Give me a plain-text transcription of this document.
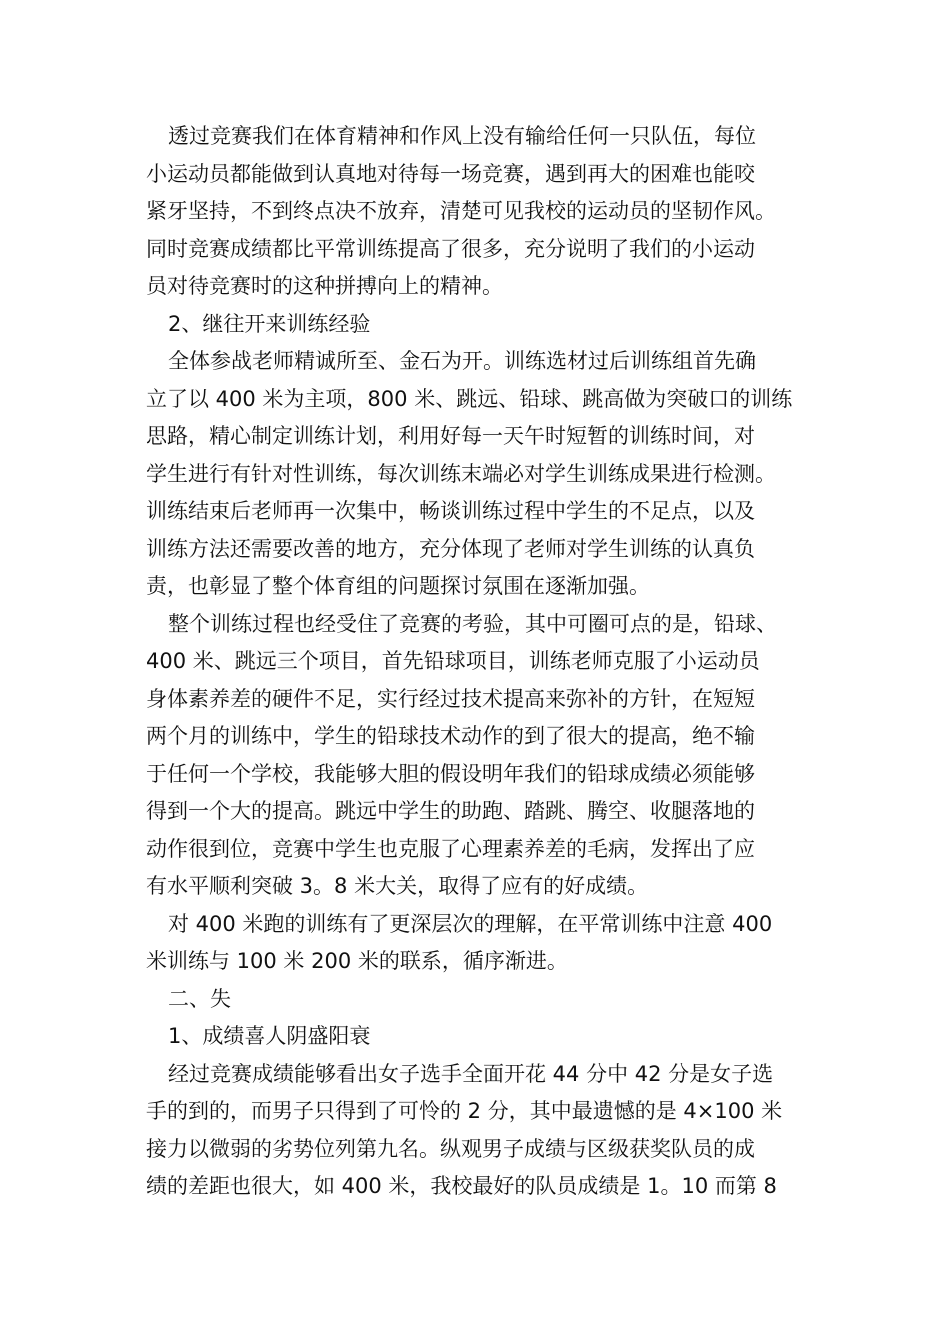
透过竞赛我们在体育精神和作风上没有输给任何一只队伍，每位
小运动员都能做到认真地对待每一场竞赛，遇到再大的困难也能咬
紧牙坚持，不到终点决不放弃，清楚可见我校的运动员的坚韧作风。
同时竞赛成绩都比平常训练提高了很多，充分说明了我们的小运动
员对待竞赛时的这种拼搏向上的精神。
2、继往开来训练经验
全体参战老师精诚所至、金石为开。训练选材过后训练组首先确
立了以 400 米为主项，800 米、跳远、铅球、跳高做为突破口的训练
思路，精心制定训练计划，利用好每一天午时短暂的训练时间，对
学生进行有针对性训练，每次训练末端必对学生训练成果进行检测。
训练结束后老师再一次集中，畅谈训练过程中学生的不足点，以及
训练方法还需要改善的地方，充分体现了老师对学生训练的认真负
责，也彰显了整个体育组的问题探讨氛围在逐渐加强。
整个训练过程也经受住了竞赛的考验，其中可圈可点的是，铅球、
400 米、跳远三个项目，首先铅球项目，训练老师克服了小运动员
身体素养差的硬件不足，实行经过技术提高来弥补的方针，在短短
两个月的训练中，学生的铅球技术动作的到了很大的提高，绝不输
于任何一个学校，我能够大胆的假设明年我们的铅球成绩必须能够
得到一个大的提高。跳远中学生的助跑、踏跳、腾空、收腿落地的
动作很到位，竞赛中学生也克服了心理素养差的毛病，发挥出了应
有水平顺利突破 3。8 米大关，取得了应有的好成绩。
对 400 米跑的训练有了更深层次的理解，在平常训练中注意 400
米训练与 100 米 200 米的联系，循序渐进。
二、失
1、成绩喜人阴盛阳衰
经过竞赛成绩能够看出女子选手全面开花 44 分中 42 分是女子选
手的到的，而男子只得到了可怜的 2 分，其中最遗憾的是 4×100 米
接力以微弱的劣势位列第九名。纵观男子成绩与区级获奖队员的成
绩的差距也很大，如 400 米，我校最好的队员成绩是 1。10 而第 8
